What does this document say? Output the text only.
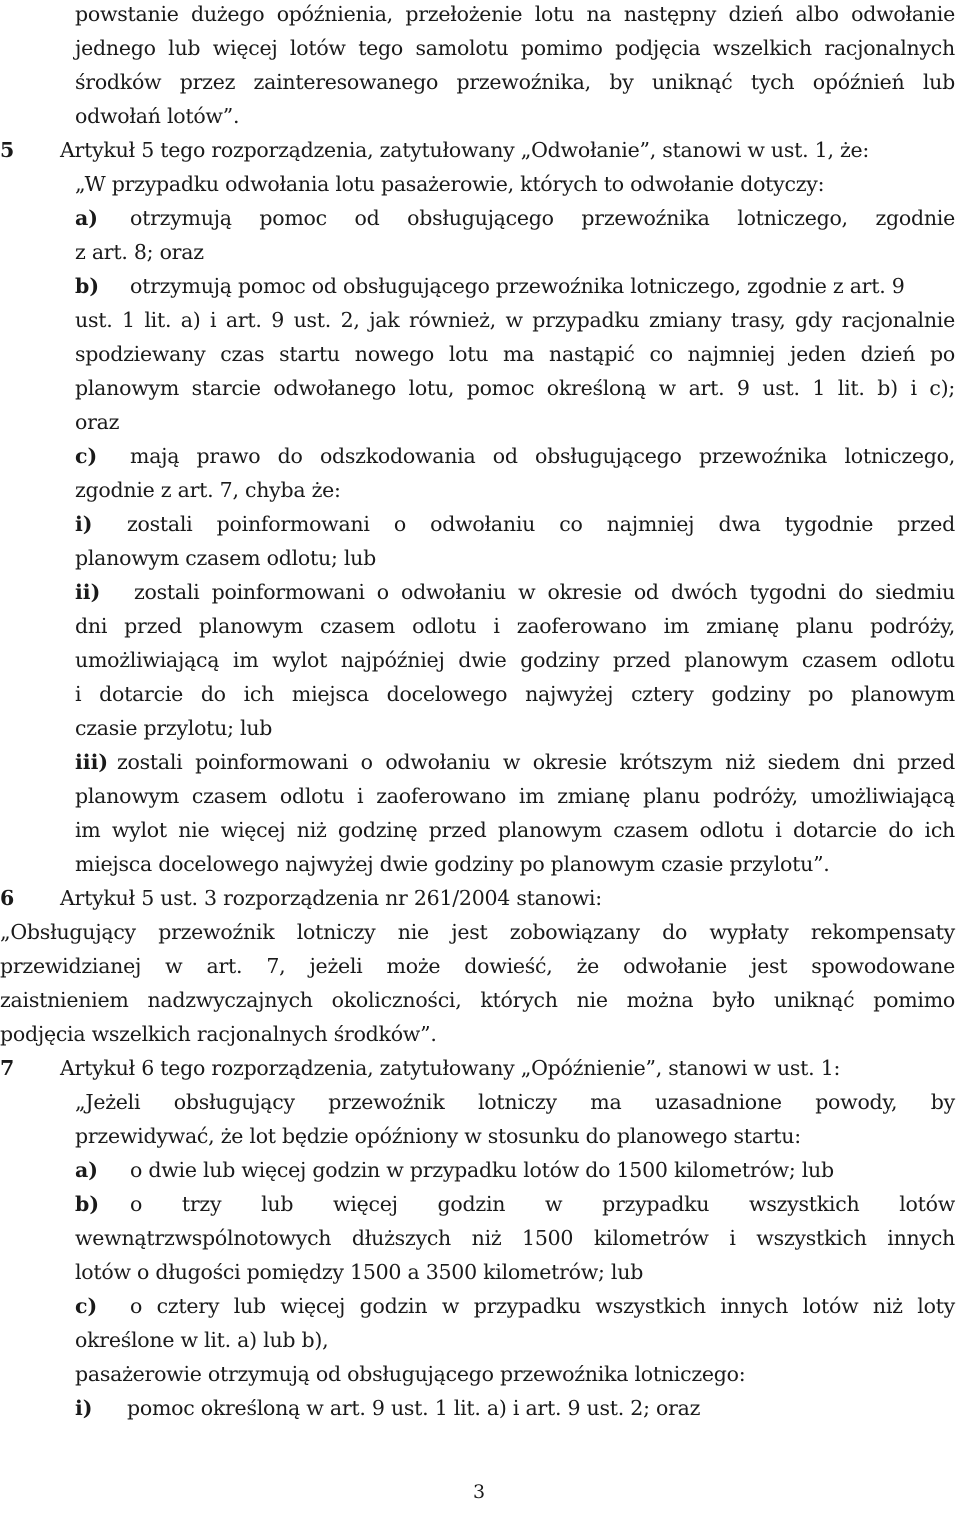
powstanie dużego opóźnienia, przełożenie lotu na następny dzień albo odwołanie

jednego lub więcej lotów tego samolotu pomimo podjęcia wszelkich racjonalnych

środków przez zainteresowanego przewoźnika, by uniknąć tych opóźnień lub

odwołań lotów”.

5 Artykuł 5 tego rozporządzenia, zatytułowany „Odwołanie”, stanowi w ust. 1, że:

„W przypadku odwołania lotu pasażerowie, których to odwołanie dotyczy:

a) otrzymują pomoc od obsługującego przewoźnika lotniczego, zgodnie

z art. 8; oraz

b) otrzymują pomoc od obsługującego przewoźnika lotniczego, zgodnie z art. 9

ust. 1 lit. a) i art. 9 ust. 2, jak również, w przypadku zmiany trasy, gdy racjonalnie

spodziewany czas startu nowego lotu ma nastąpić co najmniej jeden dzień po

planowym starcie odwołanego lotu, pomoc określoną w art. 9 ust. 1 lit. b) i c);

oraz

c) mają prawo do odszkodowania od obsługującego przewoźnika lotniczego,

zgodnie z art. 7, chyba że:

i) zostali poinformowani o odwołaniu co najmniej dwa tygodnie przed

planowym czasem odlotu; lub

ii) zostali poinformowani o odwołaniu w okresie od dwóch tygodni do siedmiu

dni przed planowym czasem odlotu i zaoferowano im zmianę planu podróży,

umożliwiającą im wylot najpóźniej dwie godziny przed planowym czasem odlotu

i dotarcie do ich miejsca docelowego najwyżej cztery godziny po planowym

czasie przylotu; lub

iii) zostali poinformowani o odwołaniu w okresie krótszym niż siedem dni przed

planowym czasem odlotu i zaoferowano im zmianę planu podróży, umożliwiającą

im wylot nie więcej niż godzinę przed planowym czasem odlotu i dotarcie do ich

miejsca docelowego najwyżej dwie godziny po planowym czasie przylotu”.

6 Artykuł 5 ust. 3 rozporządzenia nr 261/2004 stanowi:

„Obsługujący przewoźnik lotniczy nie jest zobowiązany do wypłaty rekompensaty

przewidzianej w art. 7, jeżeli może dowieść, że odwołanie jest spowodowane

zaistnieniem nadzwyczajnych okoliczności, których nie można było uniknąć pomimo

podjęcia wszelkich racjonalnych środków”.

7 Artykuł 6 tego rozporządzenia, zatytułowany „Opóźnienie”, stanowi w ust. 1:

„Jeżeli obsługujący przewoźnik lotniczy ma uzasadnione powody, by

przewidywać, że lot będzie opóźniony w stosunku do planowego startu:

a) o dwie lub więcej godzin w przypadku lotów do 1500 kilometrów; lub

b) o trzy lub więcej godzin w przypadku wszystkich lotów

wewnątrzwspólnotowych dłuższych niż 1500 kilometrów i wszystkich innych

lotów o długości pomiędzy 1500 a 3500 kilometrów; lub

c) o cztery lub więcej godzin w przypadku wszystkich innych lotów niż loty

określone w lit. a) lub b),

pasażerowie otrzymują od obsługującego przewoźnika lotniczego:

i) pomoc określoną w art. 9 ust. 1 lit. a) i art. 9 ust. 2; oraz

3
